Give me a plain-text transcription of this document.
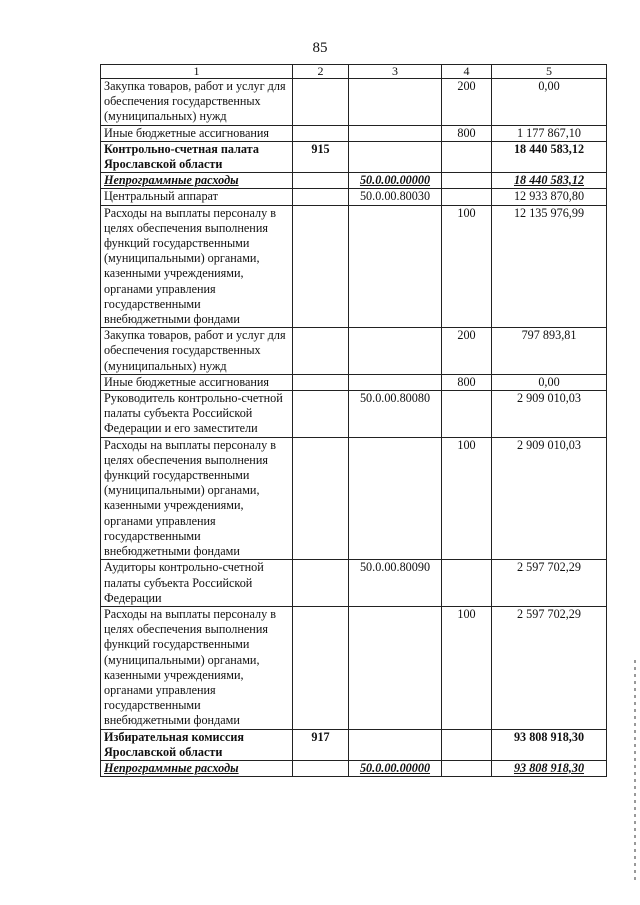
85
1	2	3	4	5
Закупка товаров, работ и услуг для обеспечения государственных (муниципальных) нужд			200	0,00
Иные бюджетные ассигнования			800	1 177 867,10
Контрольно-счетная палата Ярославской области	915			18 440 583,12
Непрограммные расходы		50.0.00.00000		18 440 583,12
Центральный аппарат		50.0.00.80030		12 933 870,80
Расходы на выплаты персоналу в целях обеспечения выполнения функций государственными (муниципальными) органами, казенными учреждениями, органами управления государственными внебюджетными фондами			100	12 135 976,99
Закупка товаров, работ и услуг для обеспечения государственных (муниципальных) нужд			200	797 893,81
Иные бюджетные ассигнования			800	0,00
Руководитель контрольно-счетной палаты субъекта Российской Федерации и его заместители		50.0.00.80080		2 909 010,03
Расходы на выплаты персоналу в целях обеспечения выполнения функций государственными (муниципальными) органами, казенными учреждениями, органами управления государственными внебюджетными фондами			100	2 909 010,03
Аудиторы контрольно-счетной палаты субъекта Российской Федерации		50.0.00.80090		2 597 702,29
Расходы на выплаты персоналу в целях обеспечения выполнения функций государственными (муниципальными) органами, казенными учреждениями, органами управления государственными внебюджетными фондами			100	2 597 702,29
Избирательная комиссия Ярославской области	917			93 808 918,30
Непрограммные расходы		50.0.00.00000		93 808 918,30
